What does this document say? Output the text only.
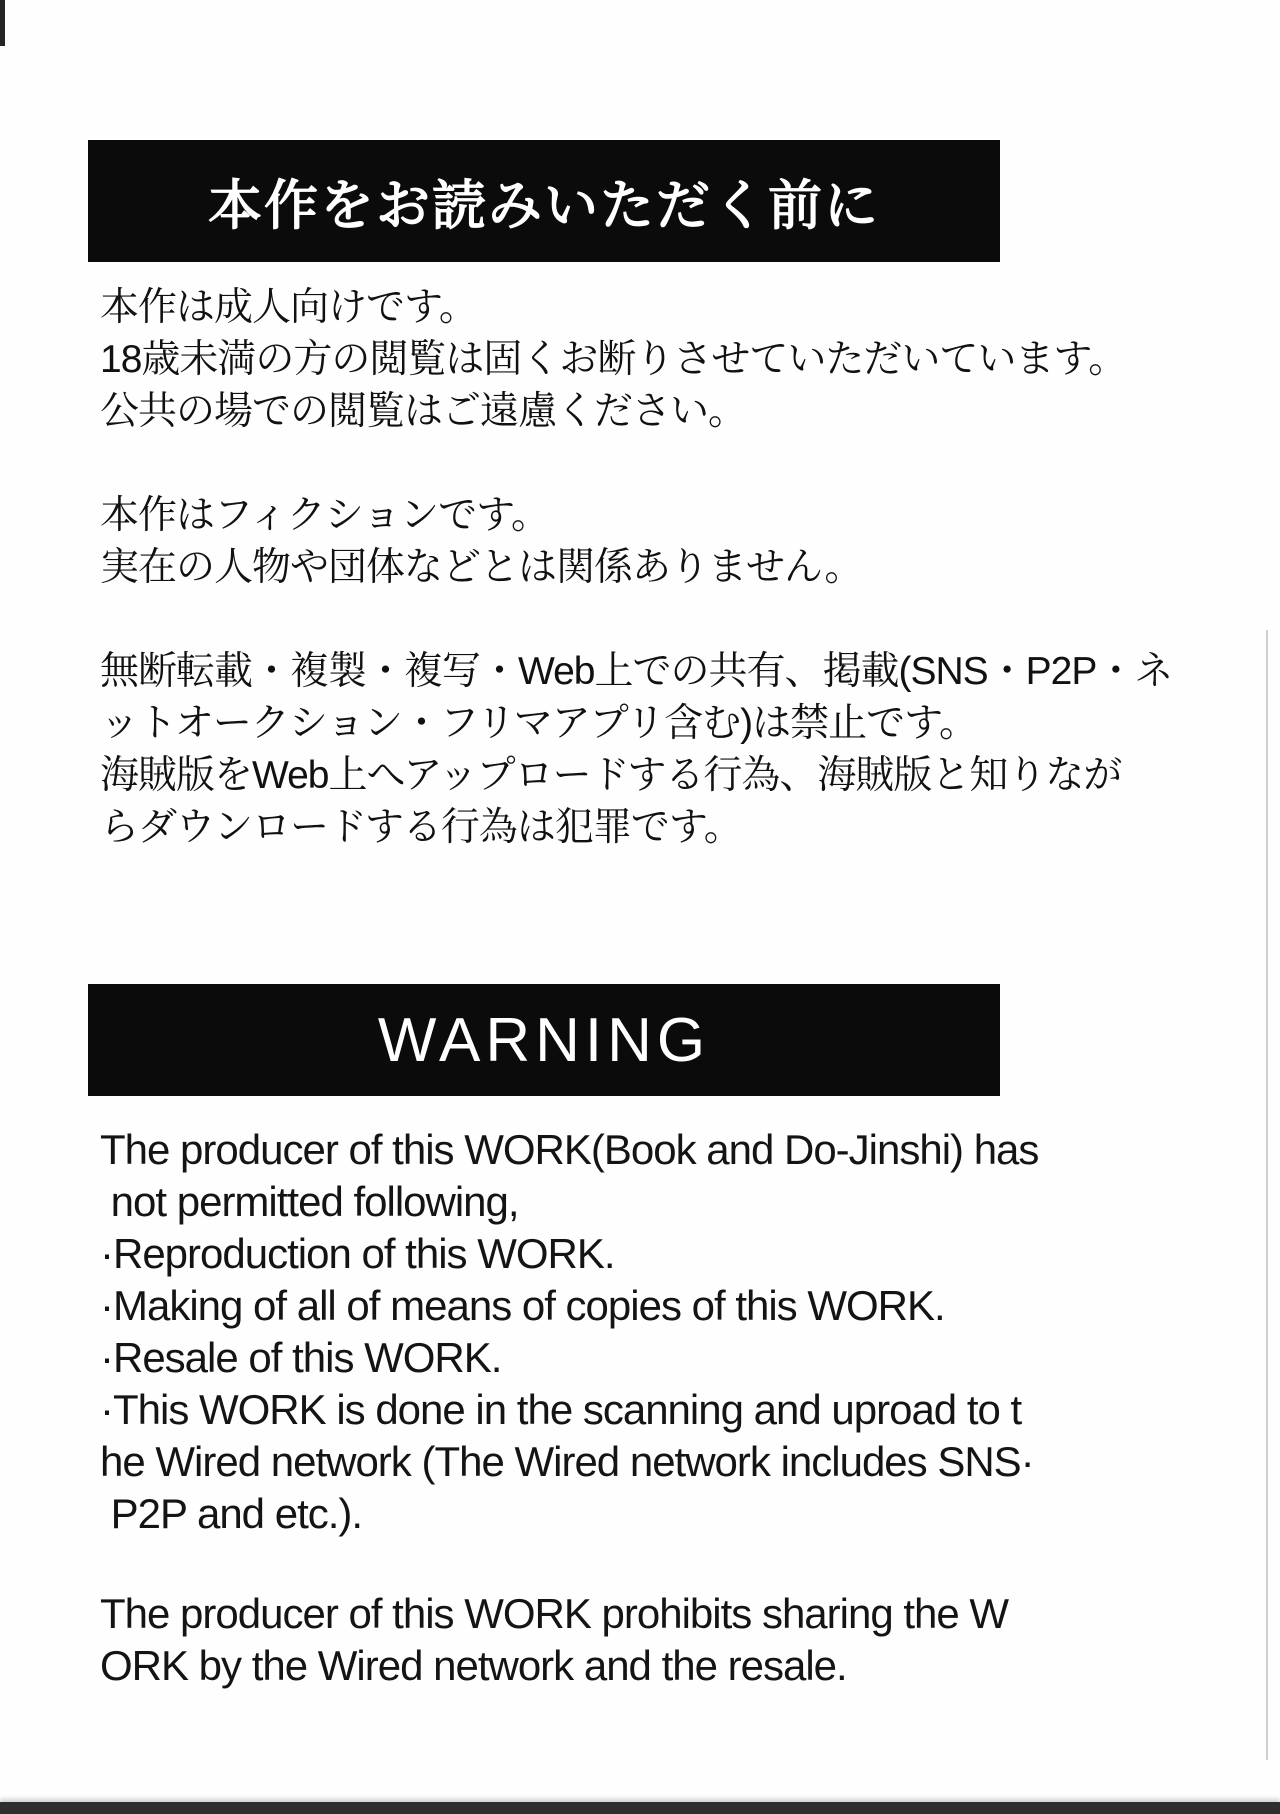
本作をお読みいただく前に
本作は成人向けです。
18歳未満の方の閲覧は固くお断りさせていただいています。
公共の場での閲覧はご遠慮ください。
本作はフィクションです。
実在の人物や団体などとは関係ありません。
無断転載・複製・複写・Web上での共有、掲載(SNS・P2P・ネ
ットオークション・フリマアプリ含む)は禁止です。
海賊版をWeb上へアップロードする行為、海賊版と知りなが
らダウンロードする行為は犯罪です。
WARNING
The producer of this WORK(Book and Do-Jinshi) has
not permitted following,
·Reproduction of this WORK.
·Making of all of means of copies of this WORK.
·Resale of this WORK.
·This WORK is done in the scanning and uproad to t
he Wired network (The Wired network includes SNS·
P2P and etc.).
The producer of this WORK prohibits sharing the W
ORK by the Wired network and the resale.
